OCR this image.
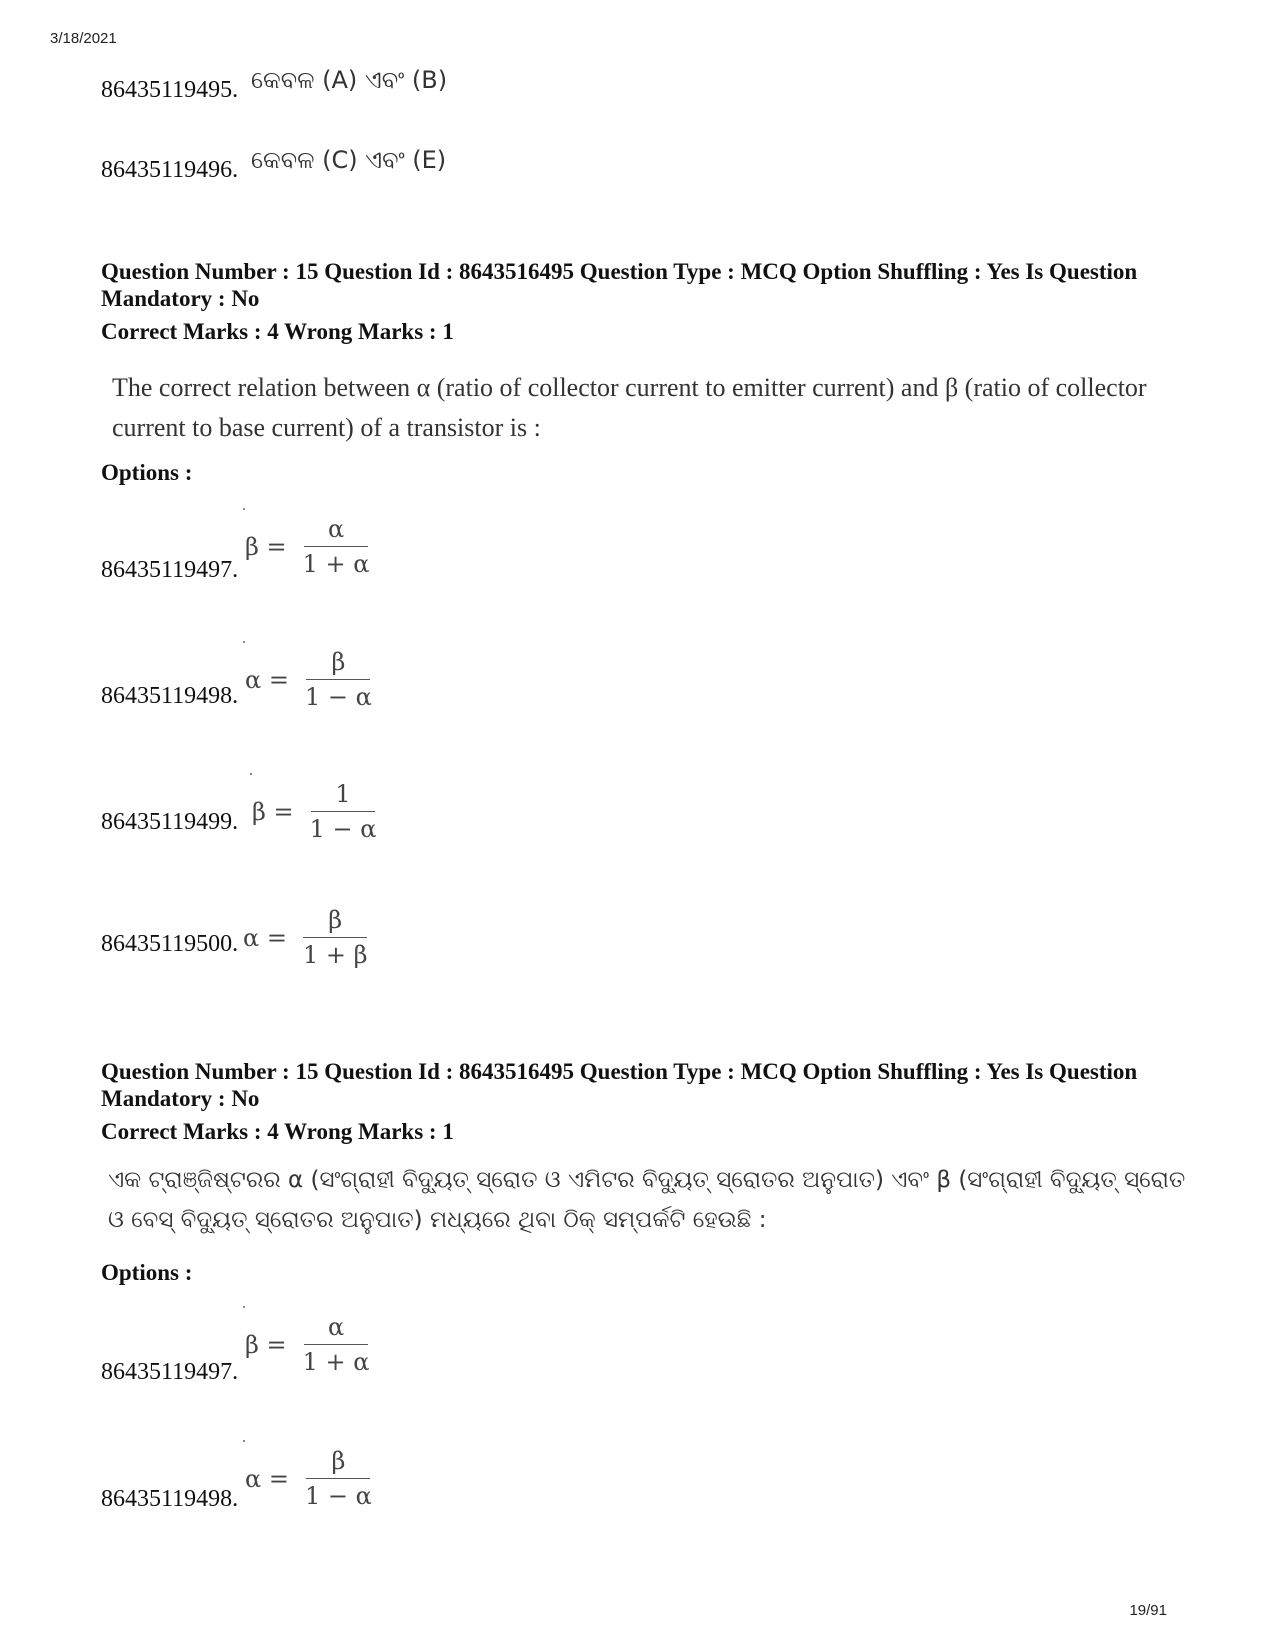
3/18/2021
86435119495. କେବଳ (A) ଏବଂ (B)
86435119496. କେବଳ (C) ଏବଂ (E)
Question Number : 15 Question Id : 8643516495 Question Type : MCQ Option Shuffling : Yes Is Question Mandatory : No
Correct Marks : 4 Wrong Marks : 1
The correct relation between α (ratio of collector current to emitter current) and β (ratio of collector current to base current) of a transistor is :
Options :
$\beta = \frac{\alpha}{1 + \alpha}$
86435119497.
$\alpha = \frac{\beta}{1 - \alpha}$
86435119498.
$\beta = \frac{1}{1 - \alpha}$
86435119499.
$\alpha = \frac{\beta}{1 + \beta}$
86435119500.
Question Number : 15 Question Id : 8643516495 Question Type : MCQ Option Shuffling : Yes Is Question Mandatory : No
Correct Marks : 4 Wrong Marks : 1
ଏକ ଟ୍ରାଞ୍ଜିଷ୍ଟରର α (ସଂଗ୍ରାହୀ ବିଦ୍ୟୁତ୍ ସ୍ରୋତ ଓ ଏମିଟର ବିଦ୍ୟୁତ୍ ସ୍ରୋତର ଅନୁପାତ) ଏବଂ β (ସଂଗ୍ରାହୀ ବିଦ୍ୟୁତ୍ ସ୍ରୋତ ଓ ବେସ୍ ବିଦ୍ୟୁତ୍ ସ୍ରୋତର ଅନୁପାତ) ମଧ୍ୟରେ ଥିବା ଠିକ୍ ସମ୍ପର୍କଟି ହେଉଛି :
Options :
$\beta = \frac{\alpha}{1 + \alpha}$
86435119497.
$\alpha = \frac{\beta}{1 - \alpha}$
86435119498.
19/91
